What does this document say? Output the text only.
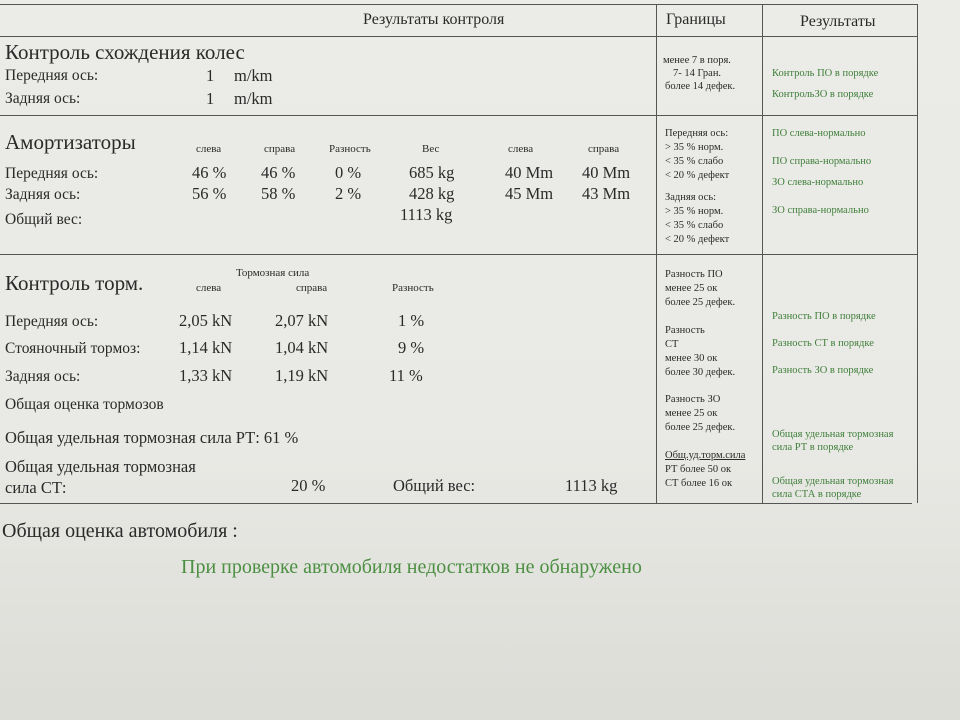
Результаты контроля	Границы	Результаты
Контроль схождения колес
Передняя ось:	1 m/km
Задняя ось:	1 m/km
менее 7 в поря.
7- 14 Гран.
более 14 дефек.
Контроль ПО в порядке
КонтрольЗО в порядке
Амортизаторы	слева	справа	Разность	Вес	слева	справа
Передняя ось:	46 % 46 % 0 %	685 kg	40 Mm 40 Mm
Задняя ось:	56 % 58 % 2 %	428 kg	45 Mm 43 Mm
Общий вес:	1113 kg
Передняя ось:
> 35 % норм.
< 35 % слабо
< 20 % дефект
Задняя ось:
> 35 % норм.
< 35 % слабо
< 20 % дефект
ПО слева-нормально
ПО справа-нормально
ЗО слева-нормально
ЗО справа-нормально
Контроль торм.	Тормозная сила
слева	справа	Разность
Передняя ось:	2,05 kN	2,07 kN	1 %
Стояночный тормоз: 1,14 kN	1,04 kN	9 %
Задняя ось:	1,33 kN	1,19 kN	11 %
Общая оценка тормозов
Общая удельная тормозная сила РТ: 61 %
Общая удельная тормозная
сила СТ:	20 %	Общий вес:	1113 kg
Разность ПО
менее 25 ок
более 25 дефек.
Разность
СТ
менее 30 ок
более 30 дефек.
Разность ЗО
менее 25 ок
более 25 дефек.
Общ.уд.торм.сила
РТ более 50 ок
СТ более 16 ок
Разность ПО в порядке
Разность СТ в порядке
Разность ЗО в порядке
Общая удельная тормозная
сила РТ в порядке
Общая удельная тормозная
сила СТА в порядке
Общая оценка автомобиля :
При проверке автомобиля недостатков не обнаружено
